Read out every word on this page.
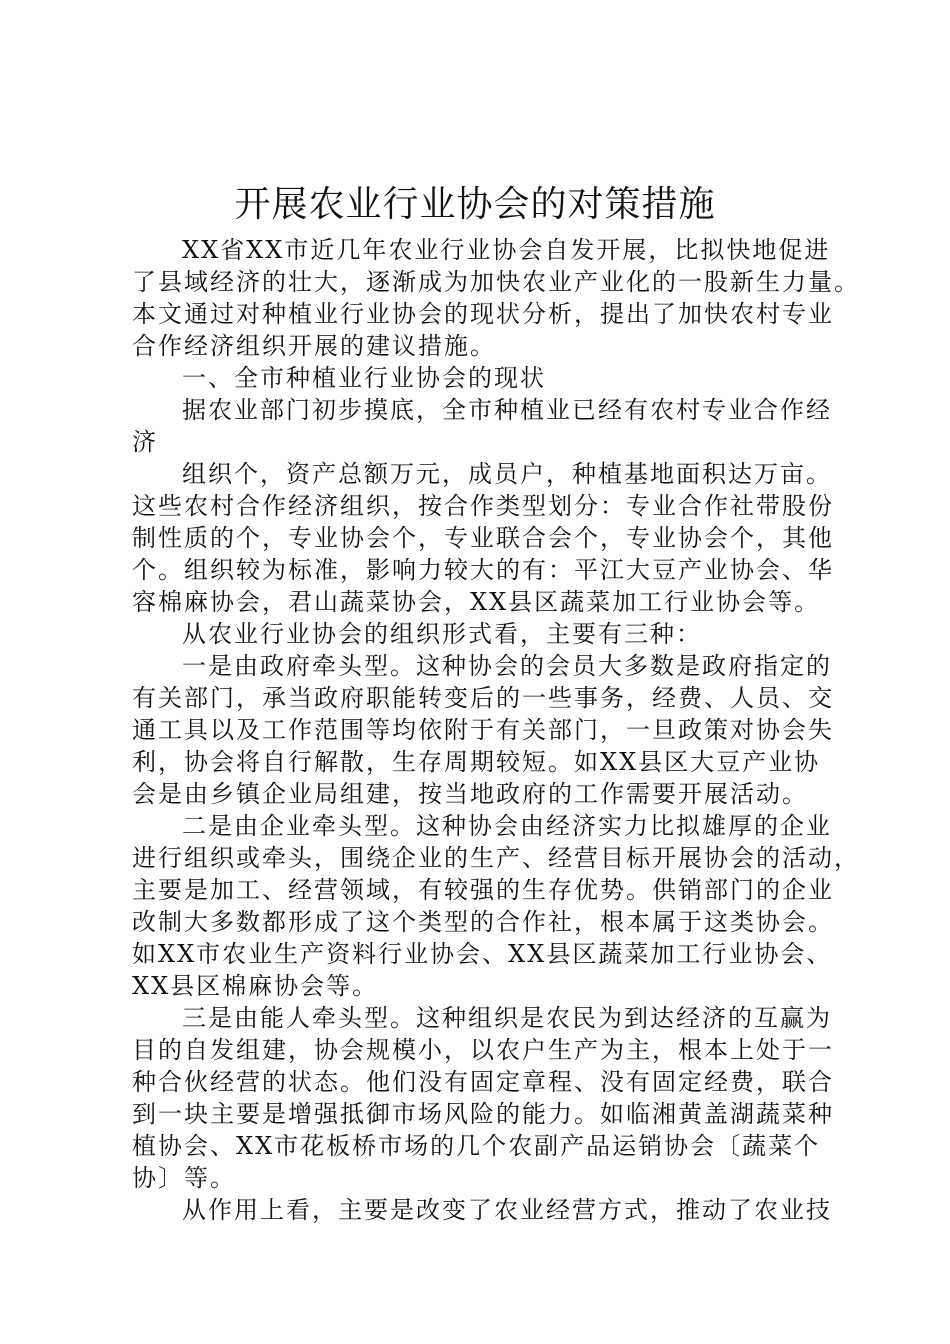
开展农业行业协会的对策措施

XX省XX市近几年农业行业协会自发开展，比拟快地促进

了县域经济的壮大，逐渐成为加快农业产业化的一股新生力量。

本文通过对种植业行业协会的现状分析，提出了加快农村专业

合作经济组织开展的建议措施。

一、全市种植业行业协会的现状

据农业部门初步摸底，全市种植业已经有农村专业合作经

济

组织个，资产总额万元，成员户，种植基地面积达万亩。

这些农村合作经济组织，按合作类型划分：专业合作社带股份

制性质的个，专业协会个，专业联合会个，专业协会个，其他

个。组织较为标准，影响力较大的有：平江大豆产业协会、华

容棉麻协会，君山蔬菜协会，XX县区蔬菜加工行业协会等。

从农业行业协会的组织形式看，主要有三种：

一是由政府牵头型。这种协会的会员大多数是政府指定的

有关部门，承当政府职能转变后的一些事务，经费、人员、交

通工具以及工作范围等均依附于有关部门，一旦政策对协会失

利，协会将自行解散，生存周期较短。如XX县区大豆产业协

会是由乡镇企业局组建，按当地政府的工作需要开展活动。

二是由企业牵头型。这种协会由经济实力比拟雄厚的企业

进行组织或牵头，围绕企业的生产、经营目标开展协会的活动，

主要是加工、经营领域，有较强的生存优势。供销部门的企业

改制大多数都形成了这个类型的合作社，根本属于这类协会。

如XX市农业生产资料行业协会、XX县区蔬菜加工行业协会、

XX县区棉麻协会等。

三是由能人牵头型。这种组织是农民为到达经济的互赢为

目的自发组建，协会规模小，以农户生产为主，根本上处于一

种合伙经营的状态。他们没有固定章程、没有固定经费，联合

到一块主要是增强抵御市场风险的能力。如临湘黄盖湖蔬菜种

植协会、XX市花板桥市场的几个农副产品运销协会〔蔬菜个

协〕等。

从作用上看，主要是改变了农业经营方式，推动了农业技
